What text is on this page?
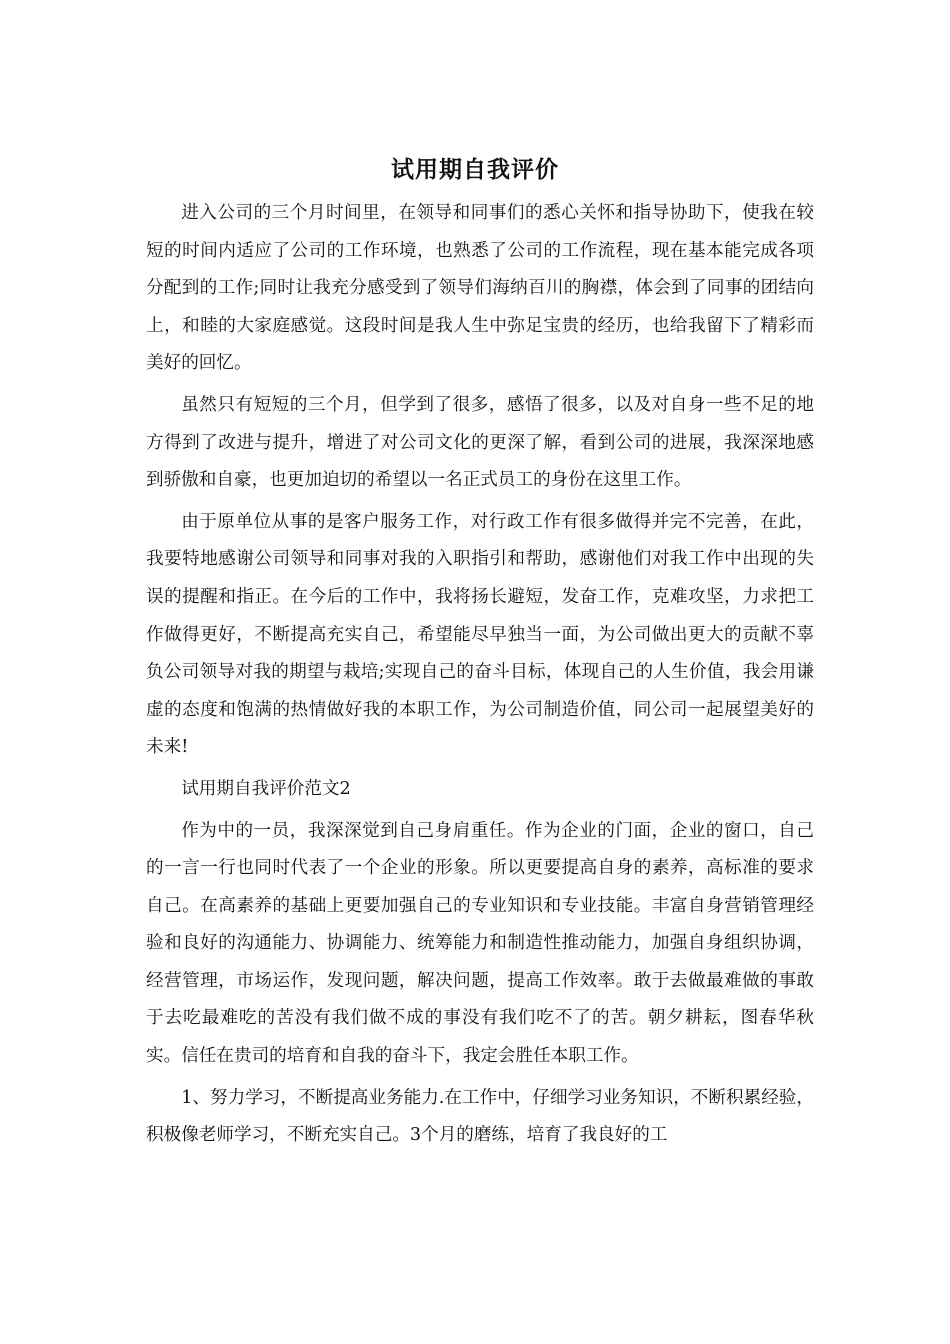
试用期自我评价

进入公司的三个月时间里，在领导和同事们的悉心关怀和指导协助下，使我在较短的时间内适应了公司的工作环境，也熟悉了公司的工作流程，现在基本能完成各项分配到的工作;同时让我充分感受到了领导们海纳百川的胸襟，体会到了同事的团结向上，和睦的大家庭感觉。这段时间是我人生中弥足宝贵的经历，也给我留下了精彩而美好的回忆。

虽然只有短短的三个月，但学到了很多，感悟了很多，以及对自身一些不足的地方得到了改进与提升，增进了对公司文化的更深了解，看到公司的进展，我深深地感到骄傲和自豪，也更加迫切的希望以一名正式员工的身份在这里工作。

由于原单位从事的是客户服务工作，对行政工作有很多做得并完不完善，在此，我要特地感谢公司领导和同事对我的入职指引和帮助，感谢他们对我工作中出现的失误的提醒和指正。在今后的工作中，我将扬长避短，发奋工作，克难攻坚，力求把工作做得更好，不断提高充实自己，希望能尽早独当一面，为公司做出更大的贡献不辜负公司领导对我的期望与栽培;实现自己的奋斗目标，体现自己的人生价值，我会用谦虚的态度和饱满的热情做好我的本职工作，为公司制造价值，同公司一起展望美好的未来!

试用期自我评价范文2

作为中的一员，我深深觉到自己身肩重任。作为企业的门面，企业的窗口，自己的一言一行也同时代表了一个企业的形象。所以更要提高自身的素养，高标准的要求自己。在高素养的基础上更要加强自己的专业知识和专业技能。丰富自身营销管理经验和良好的沟通能力、协调能力、统筹能力和制造性推动能力，加强自身组织协调，经营管理，市场运作，发现问题，解决问题，提高工作效率。敢于去做最难做的事敢于去吃最难吃的苦没有我们做不成的事没有我们吃不了的苦。朝夕耕耘，图春华秋实。信任在贵司的培育和自我的奋斗下，我定会胜任本职工作。

1、努力学习，不断提高业务能力.在工作中，仔细学习业务知识，不断积累经验，积极像老师学习，不断充实自己。3个月的磨练，培育了我良好的工
